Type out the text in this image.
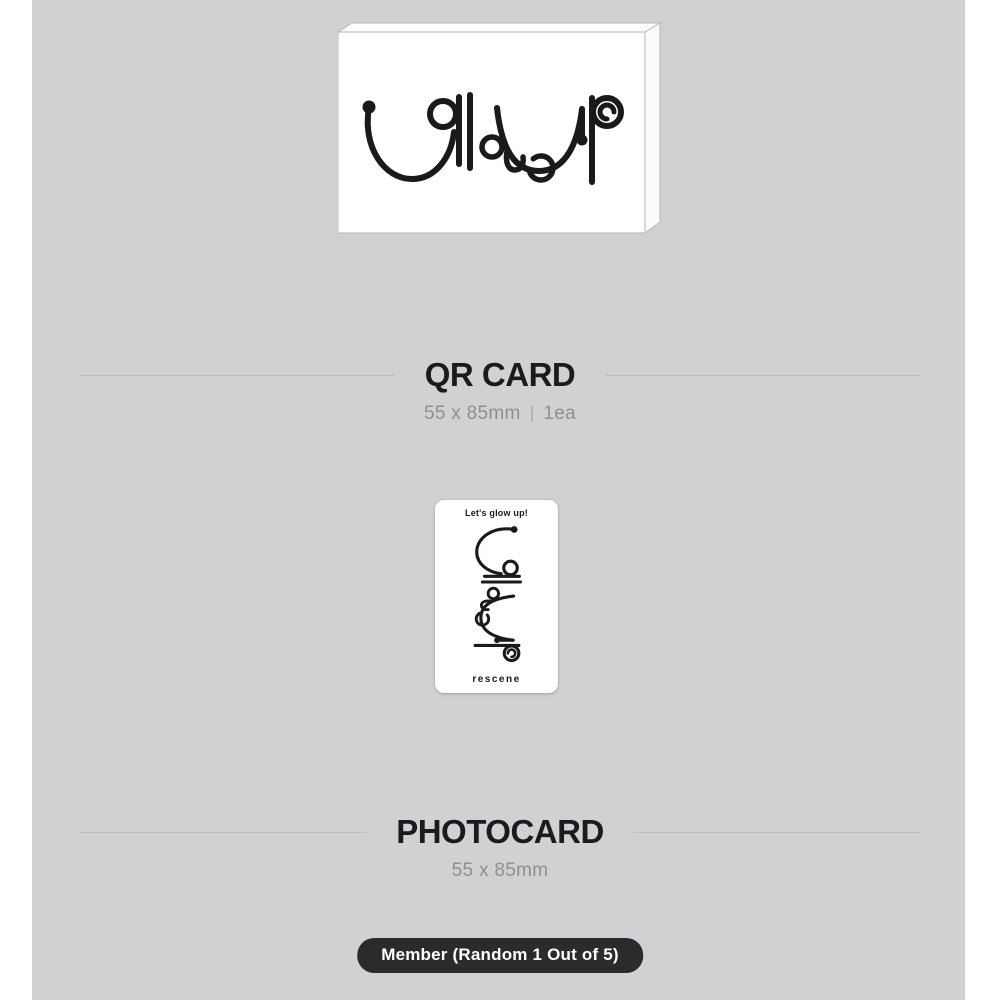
QR CARD
55 x 85mm | 1ea
Let's glow up!
rescene
PHOTOCARD
55 x 85mm
Member (Random 1 Out of 5)
